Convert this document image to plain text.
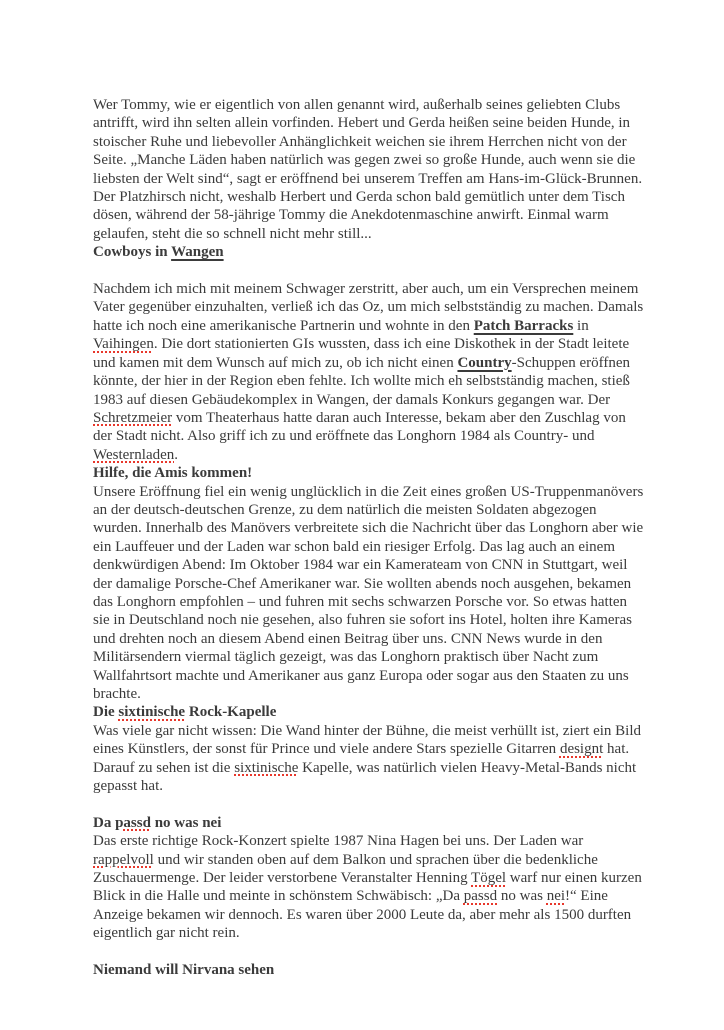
Wer Tommy, wie er eigentlich von allen genannt wird, außerhalb seines geliebten Clubs antrifft, wird ihn selten allein vorfinden. Hebert und Gerda heißen seine beiden Hunde, in stoischer Ruhe und liebevoller Anhänglichkeit weichen sie ihrem Herrchen nicht von der Seite. „Manche Läden haben natürlich was gegen zwei so große Hunde, auch wenn sie die liebsten der Welt sind“, sagt er eröffnend bei unserem Treffen am Hans-im-Glück-Brunnen. Der Platzhirsch nicht, weshalb Herbert und Gerda schon bald gemütlich unter dem Tisch dösen, während der 58-jährige Tommy die Anekdotenmaschine anwirft. Einmal warm gelaufen, steht die so schnell nicht mehr still...

Cowboys in Wangen

Nachdem ich mich mit meinem Schwager zerstritt, aber auch, um ein Versprechen meinem Vater gegenüber einzuhalten, verließ ich das Oz, um mich selbstständig zu machen. Damals hatte ich noch eine amerikanische Partnerin und wohnte in den Patch Barracks in Vaihingen. Die dort stationierten GIs wussten, dass ich eine Diskothek in der Stadt leitete und kamen mit dem Wunsch auf mich zu, ob ich nicht einen Country-Schuppen eröffnen könnte, der hier in der Region eben fehlte. Ich wollte mich eh selbstständig machen, stieß 1983 auf diesen Gebäudekomplex in Wangen, der damals Konkurs gegangen war. Der Schretzmeier vom Theaterhaus hatte daran auch Interesse, bekam aber den Zuschlag von der Stadt nicht. Also griff ich zu und eröffnete das Longhorn 1984 als Country- und Westernladen.

Hilfe, die Amis kommen!

Unsere Eröffnung fiel ein wenig unglücklich in die Zeit eines großen US-Truppenmanövers an der deutsch-deutschen Grenze, zu dem natürlich die meisten Soldaten abgezogen wurden. Innerhalb des Manövers verbreitete sich die Nachricht über das Longhorn aber wie ein Lauffeuer und der Laden war schon bald ein riesiger Erfolg. Das lag auch an einem denkwürdigen Abend: Im Oktober 1984 war ein Kamerateam von CNN in Stuttgart, weil der damalige Porsche-Chef Amerikaner war. Sie wollten abends noch ausgehen, bekamen das Longhorn empfohlen – und fuhren mit sechs schwarzen Porsche vor. So etwas hatten sie in Deutschland noch nie gesehen, also fuhren sie sofort ins Hotel, holten ihre Kameras und drehten noch an diesem Abend einen Beitrag über uns. CNN News wurde in den Militärsendern viermal täglich gezeigt, was das Longhorn praktisch über Nacht zum Wallfahrtsort machte und Amerikaner aus ganz Europa oder sogar aus den Staaten zu uns brachte.

Die sixtinische Rock-Kapelle

Was viele gar nicht wissen: Die Wand hinter der Bühne, die meist verhüllt ist, ziert ein Bild eines Künstlers, der sonst für Prince und viele andere Stars spezielle Gitarren designt hat. Darauf zu sehen ist die sixtinische Kapelle, was natürlich vielen Heavy-Metal-Bands nicht gepasst hat.

Da passd no was nei

Das erste richtige Rock-Konzert spielte 1987 Nina Hagen bei uns. Der Laden war rappelvoll und wir standen oben auf dem Balkon und sprachen über die bedenkliche Zuschauermenge. Der leider verstorbene Veranstalter Henning Tögel warf nur einen kurzen Blick in die Halle und meinte in schönstem Schwäbisch: „Da passd no was nei!“ Eine Anzeige bekamen wir dennoch. Es waren über 2000 Leute da, aber mehr als 1500 durften eigentlich gar nicht rein.

Niemand will Nirvana sehen
